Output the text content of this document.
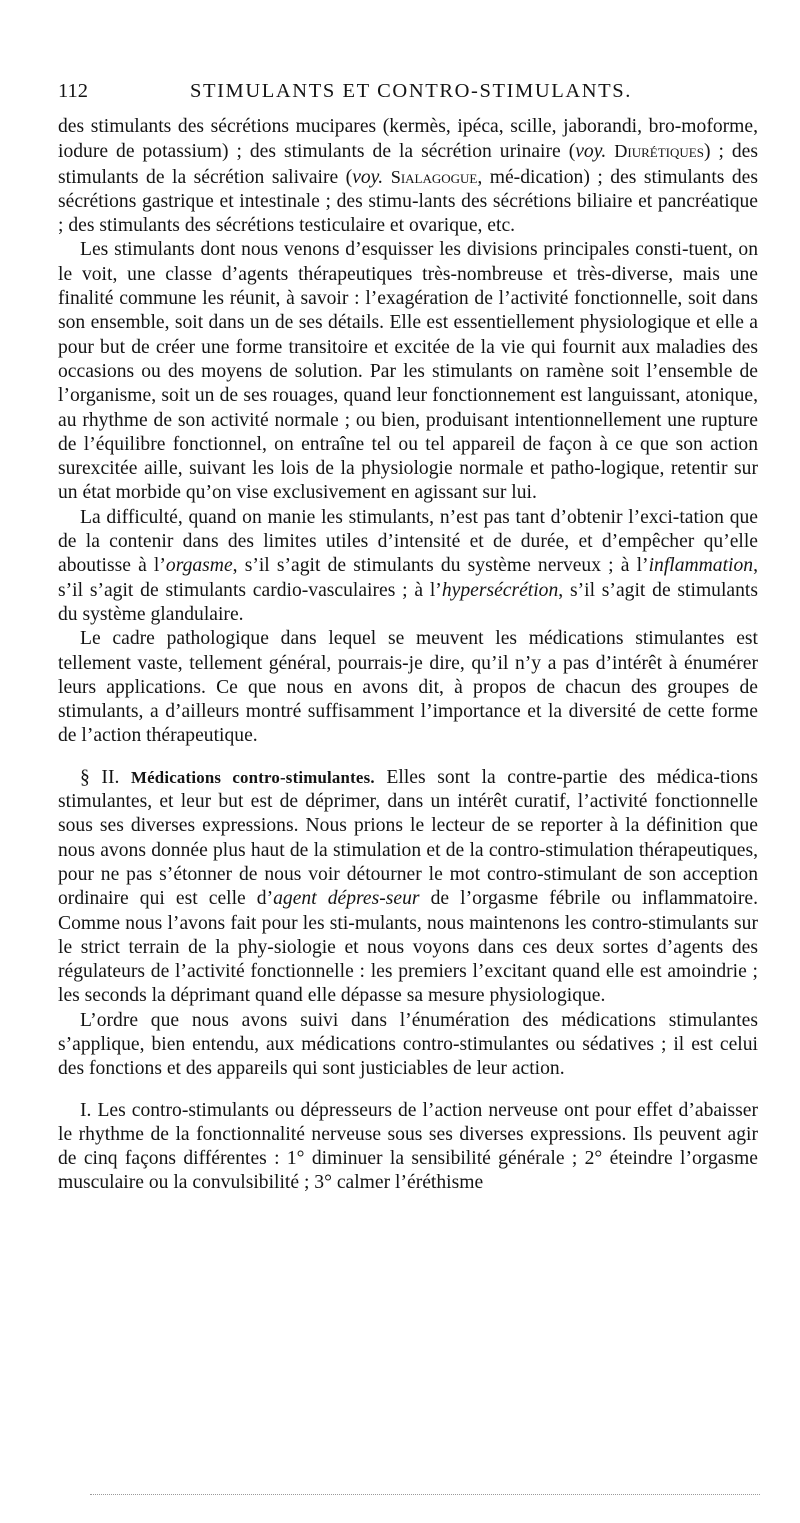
112	STIMULANTS ET CONTRO-STIMULANTS.

des stimulants des sécrétions mucipares (kermès, ipéca, scille, jaborandi, bro-moforme, iodure de potassium) ; des stimulants de la sécrétion urinaire (voy. Diurétiques) ; des stimulants de la sécrétion salivaire (voy. Sialagogue, mé-dication) ; des stimulants des sécrétions gastrique et intestinale ; des stimu-lants des sécrétions biliaire et pancréatique ; des stimulants des sécrétions testiculaire et ovarique, etc.

Les stimulants dont nous venons d’esquisser les divisions principales consti-tuent, on le voit, une classe d’agents thérapeutiques très-nombreuse et très-diverse, mais une finalité commune les réunit, à savoir : l’exagération de l’activité fonctionnelle, soit dans son ensemble, soit dans un de ses détails. Elle est essentiellement physiologique et elle a pour but de créer une forme transitoire et excitée de la vie qui fournit aux maladies des occasions ou des moyens de solution. Par les stimulants on ramène soit l’ensemble de l’organisme, soit un de ses rouages, quand leur fonctionnement est languissant, atonique, au rhythme de son activité normale ; ou bien, produisant intentionnellement une rupture de l’équilibre fonctionnel, on entraîne tel ou tel appareil de façon à ce que son action surexcitée aille, suivant les lois de la physiologie normale et patho-logique, retentir sur un état morbide qu’on vise exclusivement en agissant sur lui.

La difficulté, quand on manie les stimulants, n’est pas tant d’obtenir l’exci-tation que de la contenir dans des limites utiles d’intensité et de durée, et d’empêcher qu’elle aboutisse à l’orgasme, s’il s’agit de stimulants du système nerveux ; à l’inflammation, s’il s’agit de stimulants cardio-vasculaires ; à l’hypersécrétion, s’il s’agit de stimulants du système glandulaire.

Le cadre pathologique dans lequel se meuvent les médications stimulantes est tellement vaste, tellement général, pourrais-je dire, qu’il n’y a pas d’intérêt à énumérer leurs applications. Ce que nous en avons dit, à propos de chacun des groupes de stimulants, a d’ailleurs montré suffisamment l’importance et la diversité de cette forme de l’action thérapeutique.

§ II. Médications contro-stimulantes. Elles sont la contre-partie des médica-tions stimulantes, et leur but est de déprimer, dans un intérêt curatif, l’activité fonctionnelle sous ses diverses expressions. Nous prions le lecteur de se reporter à la définition que nous avons donnée plus haut de la stimulation et de la contro-stimulation thérapeutiques, pour ne pas s’étonner de nous voir détourner le mot contro-stimulant de son acception ordinaire qui est celle d’agent dépres-seur de l’orgasme fébrile ou inflammatoire. Comme nous l’avons fait pour les sti-mulants, nous maintenons les contro-stimulants sur le strict terrain de la phy-siologie et nous voyons dans ces deux sortes d’agents des régulateurs de l’activité fonctionnelle : les premiers l’excitant quand elle est amoindrie ; les seconds la déprimant quand elle dépasse sa mesure physiologique.

L’ordre que nous avons suivi dans l’énumération des médications stimulantes s’applique, bien entendu, aux médications contro-stimulantes ou sédatives ; il est celui des fonctions et des appareils qui sont justiciables de leur action.

I. Les contro-stimulants ou dépresseurs de l’action nerveuse ont pour effet d’abaisser le rhythme de la fonctionnalité nerveuse sous ses diverses expressions. Ils peuvent agir de cinq façons différentes : 1° diminuer la sensibilité générale ; 2° éteindre l’orgasme musculaire ou la convulsibilité ; 3° calmer l’éréthisme
